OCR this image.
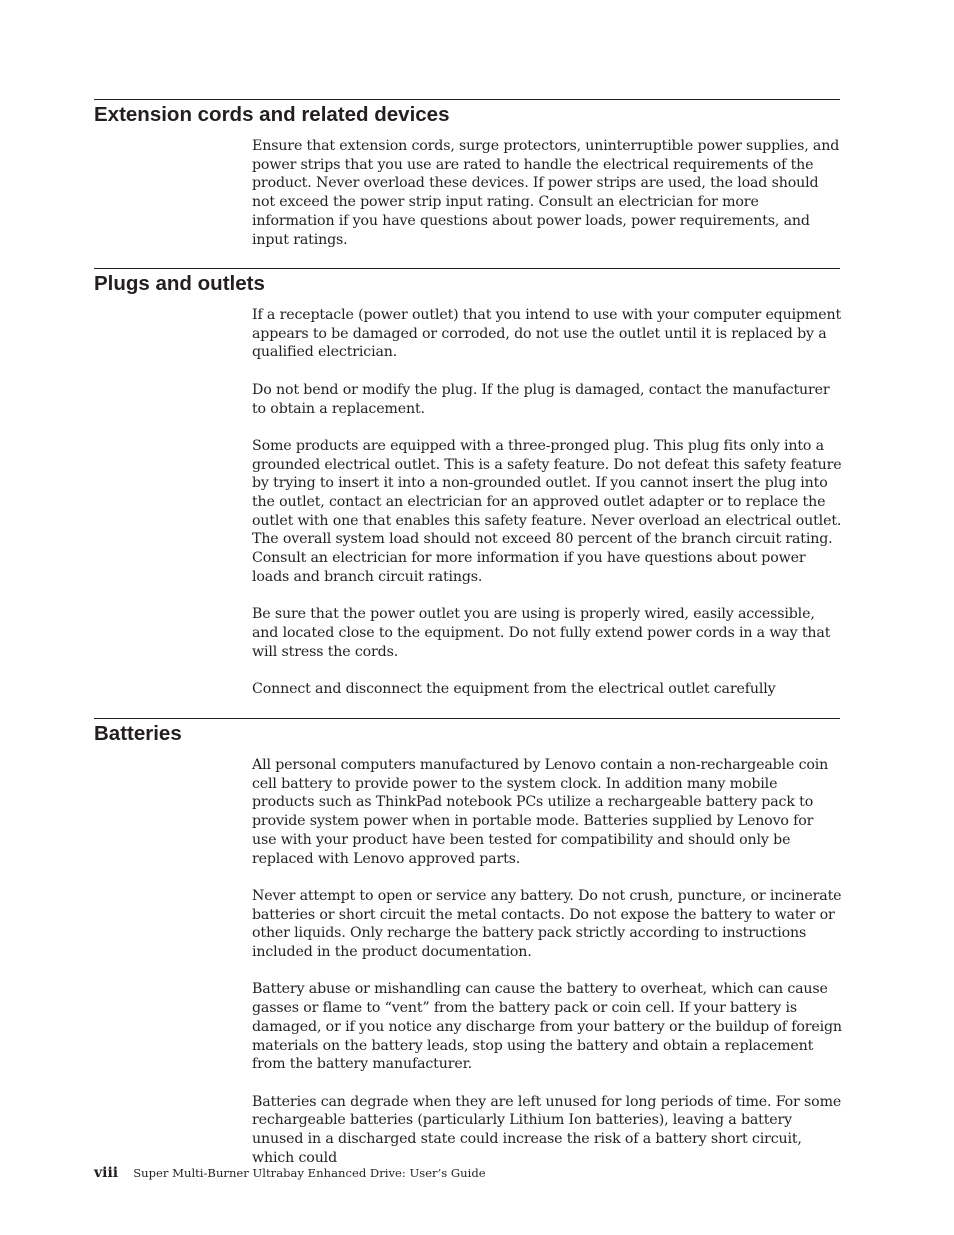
Extension cords and related devices

Ensure that extension cords, surge protectors, uninterruptible power supplies, and power strips that you use are rated to handle the electrical requirements of the product. Never overload these devices. If power strips are used, the load should not exceed the power strip input rating. Consult an electrician for more information if you have questions about power loads, power requirements, and input ratings.

Plugs and outlets

If a receptacle (power outlet) that you intend to use with your computer equipment appears to be damaged or corroded, do not use the outlet until it is replaced by a qualified electrician.

Do not bend or modify the plug. If the plug is damaged, contact the manufacturer to obtain a replacement.

Some products are equipped with a three-pronged plug. This plug fits only into a grounded electrical outlet. This is a safety feature. Do not defeat this safety feature by trying to insert it into a non-grounded outlet. If you cannot insert the plug into the outlet, contact an electrician for an approved outlet adapter or to replace the outlet with one that enables this safety feature. Never overload an electrical outlet. The overall system load should not exceed 80 percent of the branch circuit rating. Consult an electrician for more information if you have questions about power loads and branch circuit ratings.

Be sure that the power outlet you are using is properly wired, easily accessible, and located close to the equipment. Do not fully extend power cords in a way that will stress the cords.

Connect and disconnect the equipment from the electrical outlet carefully

Batteries

All personal computers manufactured by Lenovo contain a non-rechargeable coin cell battery to provide power to the system clock. In addition many mobile products such as ThinkPad notebook PCs utilize a rechargeable battery pack to provide system power when in portable mode. Batteries supplied by Lenovo for use with your product have been tested for compatibility and should only be replaced with Lenovo approved parts.

Never attempt to open or service any battery. Do not crush, puncture, or incinerate batteries or short circuit the metal contacts. Do not expose the battery to water or other liquids. Only recharge the battery pack strictly according to instructions included in the product documentation.

Battery abuse or mishandling can cause the battery to overheat, which can cause gasses or flame to “vent” from the battery pack or coin cell. If your battery is damaged, or if you notice any discharge from your battery or the buildup of foreign materials on the battery leads, stop using the battery and obtain a replacement from the battery manufacturer.

Batteries can degrade when they are left unused for long periods of time. For some rechargeable batteries (particularly Lithium Ion batteries), leaving a battery unused in a discharged state could increase the risk of a battery short circuit, which could

viii Super Multi-Burner Ultrabay Enhanced Drive: User’s Guide
